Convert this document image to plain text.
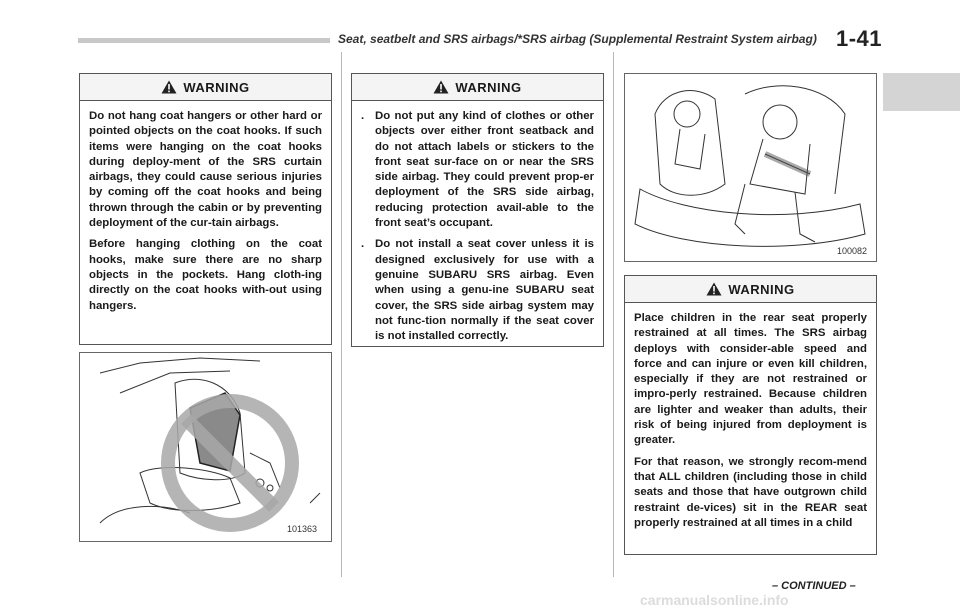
Seat, seatbelt and SRS airbags/*SRS airbag (Supplemental Restraint System airbag) 1-41
WARNING

Do not hang coat hangers or other hard or pointed objects on the coat hooks. If such items were hanging on the coat hooks during deploy-ment of the SRS curtain airbags, they could cause serious injuries by coming off the coat hooks and being thrown through the cabin or by preventing deployment of the cur-tain airbags.

Before hanging clothing on the coat hooks, make sure there are no sharp objects in the pockets. Hang cloth-ing directly on the coat hooks with-out using hangers.

101363
WARNING
. Do not put any kind of clothes or other objects over either front seatback and do not attach labels or stickers to the front seat sur-face on or near the SRS side airbag. They could prevent prop-er deployment of the SRS side airbag, reducing protection avail-able to the front seat’s occupant.
. Do not install a seat cover unless it is designed exclusively for use with a genuine SUBARU SRS airbag. Even when using a genu-ine SUBARU seat cover, the SRS side airbag system may not func-tion normally if the seat cover is not installed correctly.
100082
WARNING

Place children in the rear seat properly restrained at all times. The SRS airbag deploys with consider-able speed and force and can injure or even kill children, especially if they are not restrained or impro-perly restrained. Because children are lighter and weaker than adults, their risk of being injured from deployment is greater.

For that reason, we strongly recom-mend that ALL children (including those in child seats and those that have outgrown child restraint de-vices) sit in the REAR seat properly restrained at all times in a child

– CONTINUED –
carmanualsonline.info
